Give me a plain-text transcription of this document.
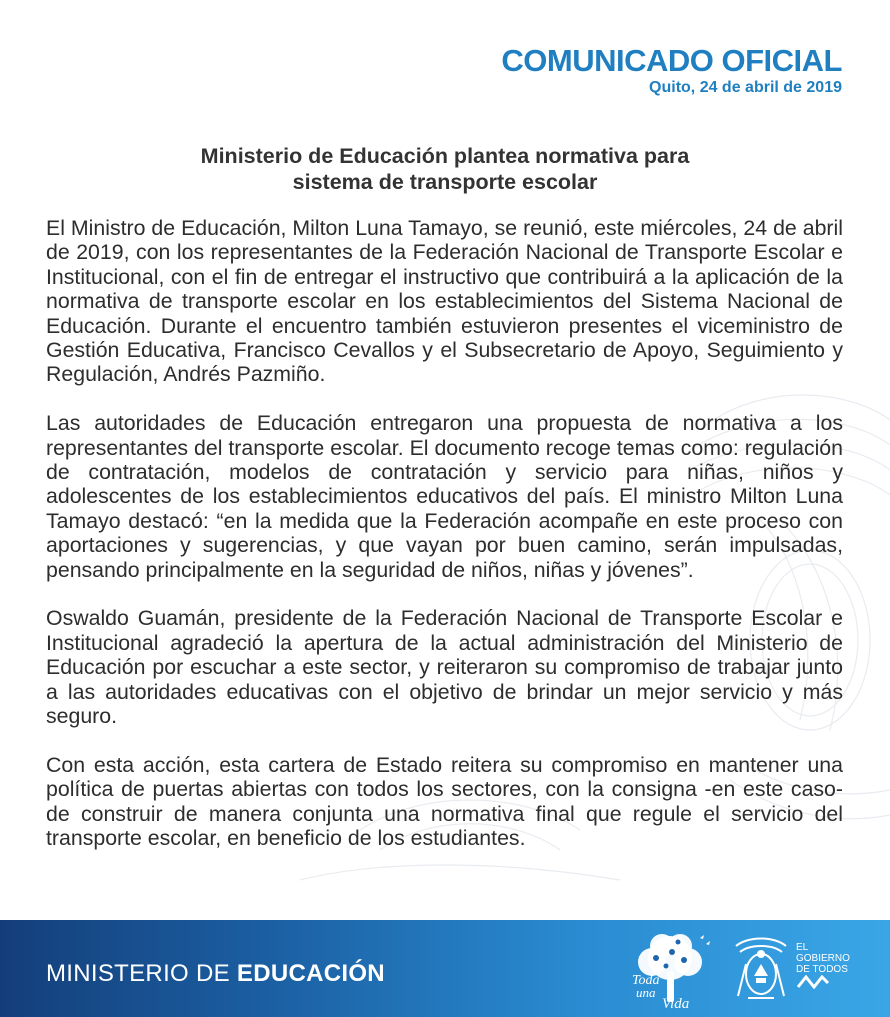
COMUNICADO OFICIAL
Quito, 24 de abril de 2019
Ministerio de Educación plantea normativa para
sistema de transporte escolar

El Ministro de Educación, Milton Luna Tamayo, se reunió, este miércoles, 24 de abril de 2019, con los representantes de la Federación Nacional de Transporte Escolar e Institucional, con el fin de entregar el instructivo que contribuirá a la aplicación de la normativa de transporte escolar en los establecimientos del Sistema Nacional de Educación. Durante el encuentro también estuvieron presentes el viceministro de Gestión Educativa, Francisco Cevallos y el Subsecretario de Apoyo, Seguimiento y Regulación, Andrés Pazmiño.

Las autoridades de Educación entregaron una propuesta de normativa a los representantes del transporte escolar. El documento recoge temas como: regulación de contratación, modelos de contratación y servicio para niñas, niños y adolescentes de los establecimientos educativos del país. El ministro Milton Luna Tamayo destacó: “en la medida que la Federación acompañe en este proceso con aportaciones y sugerencias, y que vayan por buen camino, serán impulsadas, pensando principalmente en la seguridad de niños, niñas y jóvenes”.

Oswaldo Guamán, presidente de la Federación Nacional de Transporte Escolar e Institucional agradeció la apertura de la actual administración del Ministerio de Educación por escuchar a este sector, y reiteraron su compromiso de trabajar junto a las autoridades educativas con el objetivo de brindar un mejor servicio y más seguro.

Con esta acción, esta cartera de Estado reitera su compromiso en mantener una política de puertas abiertas con todos los sectores, con la consigna -en este caso- de construir de manera conjunta una normativa final que regule el servicio del transporte escolar, en beneficio de los estudiantes.

MINISTERIO DE EDUCACIÓN	Toda
una
Vida
EL
GOBIERNO
DE TODOS
